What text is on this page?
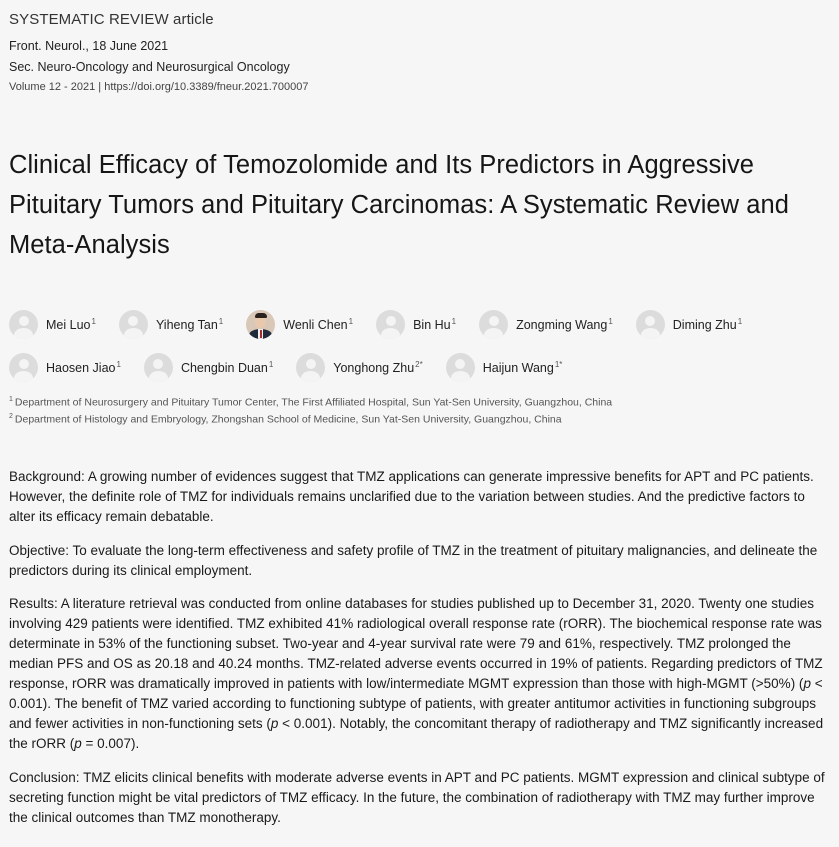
SYSTEMATIC REVIEW article
Front. Neurol., 18 June 2021
Sec. Neuro-Oncology and Neurosurgical Oncology
Volume 12 - 2021 | https://doi.org/10.3389/fneur.2021.700007
Clinical Efficacy of Temozolomide and Its Predictors in Aggressive Pituitary Tumors and Pituitary Carcinomas: A Systematic Review and Meta-Analysis
Mei Luo$^1$	Yiheng Tan$^1$	Wenli Chen$^1$	Bin Hu$^1$	Zongming Wang$^1$	Diming Zhu$^1$
Haosen Jiao$^1$	Chengbin Duan$^1$	Yonghong Zhu$^{2*}$	Haijun Wang$^{1*}$
$^1$ Department of Neurosurgery and Pituitary Tumor Center, The First Affiliated Hospital, Sun Yat-Sen University, Guangzhou, China
$^2$ Department of Histology and Embryology, Zhongshan School of Medicine, Sun Yat-Sen University, Guangzhou, China

Background: A growing number of evidences suggest that TMZ applications can generate impressive benefits for APT and PC patients. However, the definite role of TMZ for individuals remains unclarified due to the variation between studies. And the predictive factors to alter its efficacy remain debatable.

Objective: To evaluate the long-term effectiveness and safety profile of TMZ in the treatment of pituitary malignancies, and delineate the predictors during its clinical employment.

Results: A literature retrieval was conducted from online databases for studies published up to December 31, 2020. Twenty one studies involving 429 patients were identified. TMZ exhibited 41% radiological overall response rate (rORR). The biochemical response rate was determinate in 53% of the functioning subset. Two-year and 4-year survival rate were 79 and 61%, respectively. TMZ prolonged the median PFS and OS as 20.18 and 40.24 months. TMZ-related adverse events occurred in 19% of patients. Regarding predictors of TMZ response, rORR was dramatically improved in patients with low/intermediate MGMT expression than those with high-MGMT (>50%) (p < 0.001). The benefit of TMZ varied according to functioning subtype of patients, with greater antitumor activities in functioning subgroups and fewer activities in non-functioning sets (p < 0.001). Notably, the concomitant therapy of radiotherapy and TMZ significantly increased the rORR (p = 0.007).

Conclusion: TMZ elicits clinical benefits with moderate adverse events in APT and PC patients. MGMT expression and clinical subtype of secreting function might be vital predictors of TMZ efficacy. In the future, the combination of radiotherapy with TMZ may further improve the clinical outcomes than TMZ monotherapy.
